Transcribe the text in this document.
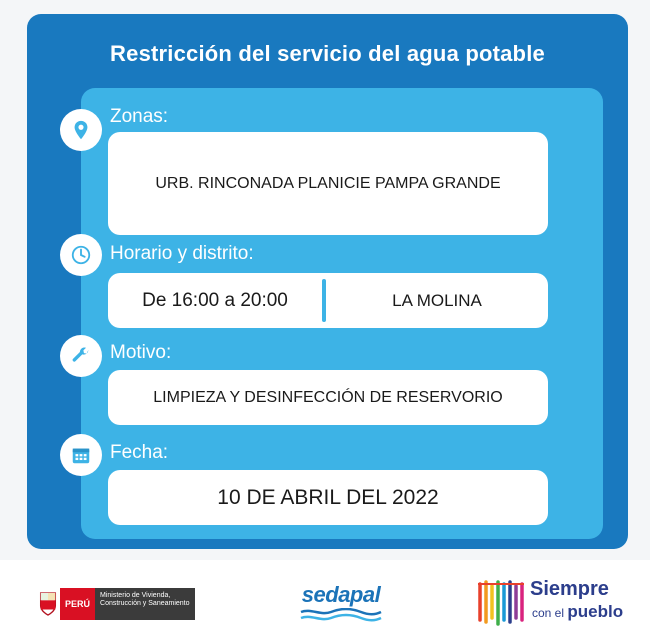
Restricción del servicio del agua potable
Zonas:
URB. RINCONADA PLANICIE PAMPA GRANDE
Horario y distrito:
De 16:00 a 20:00	LA MOLINA
Motivo:
LIMPIEZA Y DESINFECCIÓN DE RESERVORIO
Fecha:
10 DE ABRIL DEL 2022
PERÚ
Ministerio de Vivienda, Construcción y Saneamiento	sedapal	Siempre
con el pueblo
